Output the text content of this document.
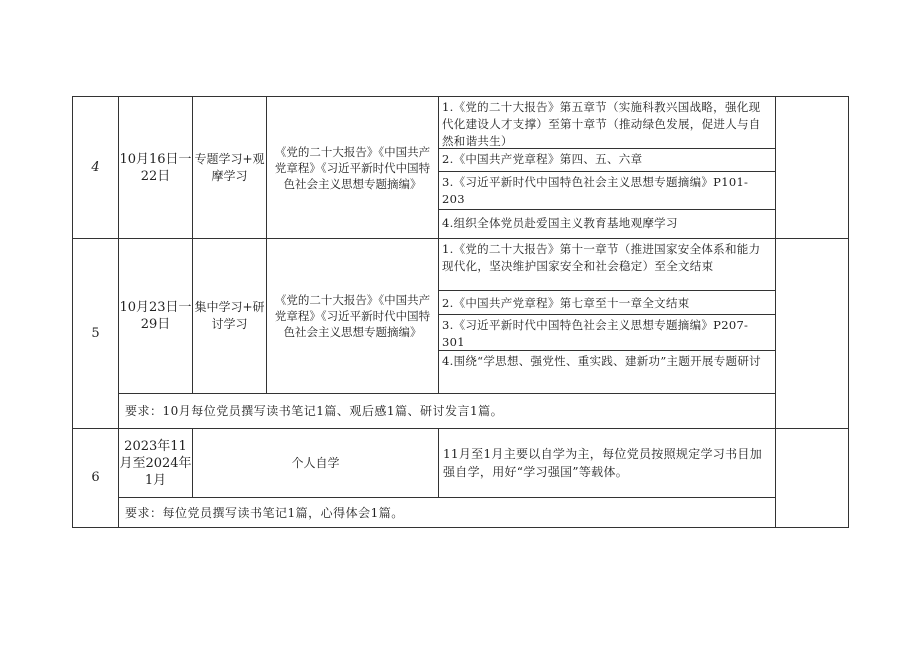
4	10月16日一22日	专题学习+观摩学习	《党的二十大报告》《中国共产党章程》《习近平新时代中国特色社会主义思想专题摘编》	1.《党的二十大报告》第五章节（实施科教兴国战略，强化现代化建设人才支撑）至第十章节（推动绿色发展，促进人与自然和谐共生）
2.《中国共产党章程》第四、五、六章
3.《习近平新时代中国特色社会主义思想专题摘编》P101-203
4.组织全体党员赴爱国主义教育基地观摩学习	

5	10月23日一29日	集中学习+研讨学习	《党的二十大报告》《中国共产党章程》《习近平新时代中国特色社会主义思想专题摘编》	1.《党的二十大报告》第十一章节（推进国家安全体系和能力现代化，坚决维护国家安全和社会稳定）至全文结束
2.《中国共产党章程》第七章至十一章全文结束
3.《习近平新时代中国特色社会主义思想专题摘编》P207-301
4.围绕“学思想、强党性、重实践、建新功”主题开展专题研讨	

	要求：10月每位党员撰写读书笔记1篇、观后感1篇、研讨发言1篇。				
6	2023年11月至2024年1月	个人自学		11月至1月主要以自学为主，每位党员按照规定学习书目加强自学，用好“学习强国”等载体。	
	要求：每位党员撰写读书笔记1篇，心得体会1篇。				
